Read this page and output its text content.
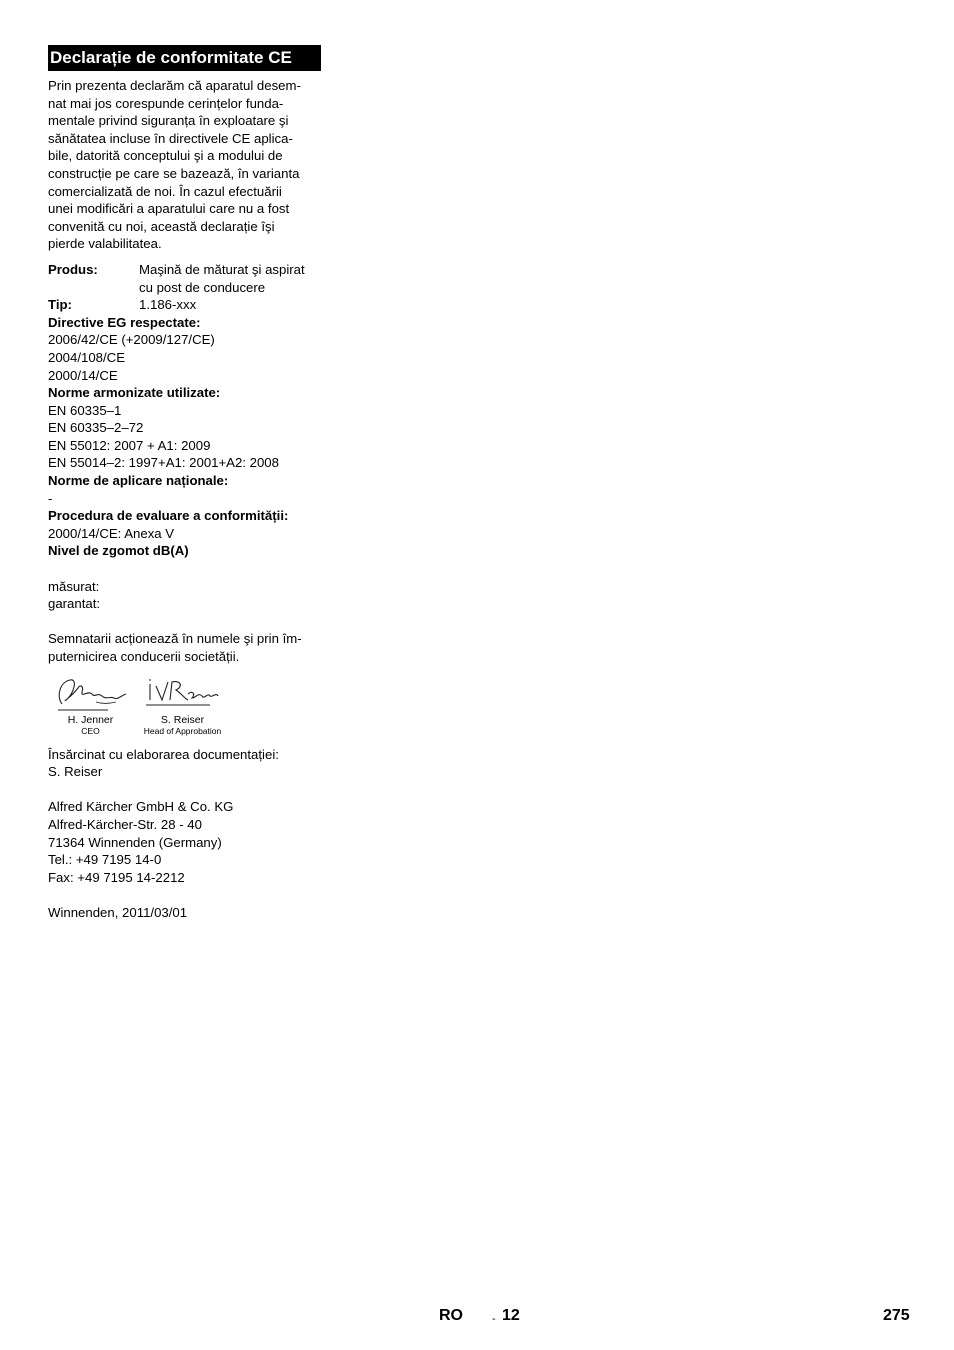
Declarație de conformitate CE
Prin prezenta declarăm că aparatul desem-
nat mai jos corespunde cerințelor funda-
mentale privind siguranța în exploatare şi
sănătatea incluse în directivele CE aplica-
bile, datorită conceptului şi a modului de
construcție pe care se bazează, în varianta
comercializată de noi. În cazul efectuării
unei modificări a aparatului care nu a fost
convenită cu noi, această declarație îşi
pierde valabilitatea.
Produs:	Maşină de măturat şi aspirat
cu post de conducere
Tip:	1.186-xxx
Directive EG respectate:
2006/42/CE (+2009/127/CE)
2004/108/CE
2000/14/CE
Norme armonizate utilizate:
EN 60335–1
EN 60335–2–72
EN 55012: 2007 + A1: 2009
EN 55014–2: 1997+A1: 2001+A2: 2008
Norme de aplicare naționale:
-
Procedura de evaluare a conformității:
2000/14/CE: Anexa V
Nivel de zgomot dB(A)
măsurat:
garantat:
Semnatarii acționează în numele şi prin îm-
puternicirea conducerii societății.
H. Jenner
CEO
S. Reiser
Head of Approbation
Însărcinat cu elaborarea documentației:
S. Reiser
Alfred Kärcher GmbH & Co. KG
Alfred-Kärcher-Str. 28 - 40
71364 Winnenden (Germany)
Tel.: +49 7195 14-0
Fax: +49 7195 14-2212
Winnenden, 2011/03/01
RO	- 12	275
